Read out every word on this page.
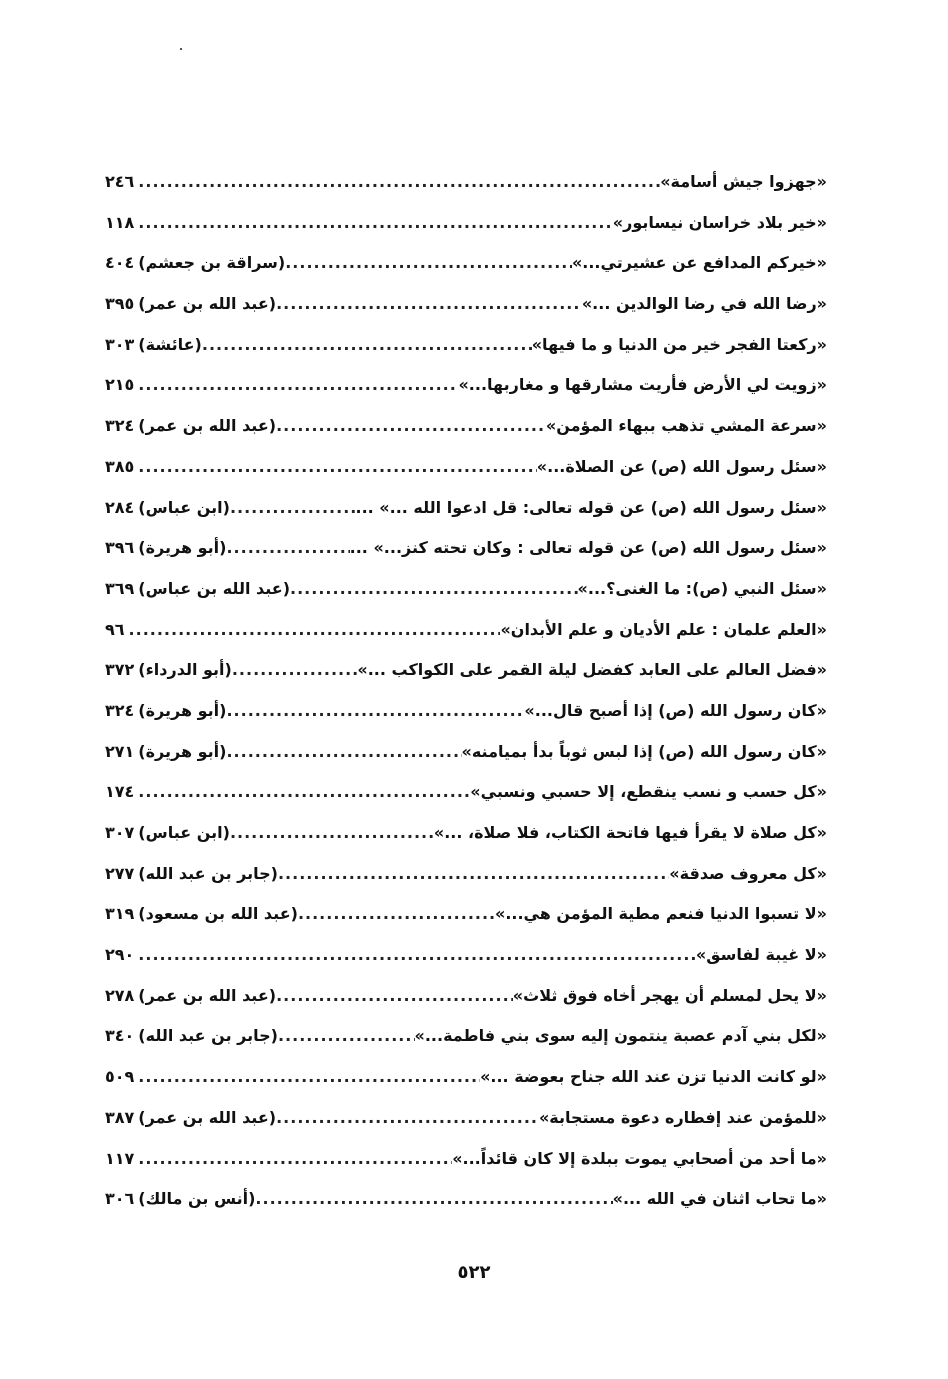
«جهزوا جيش أسامة»
.....
٢٤٦
«خير بلاد خراسان نيسابور»
.....
١١٨
«خيركم المدافع عن عشيرتي...»
.....
(سراقة بن جعشم)
٤٠٤
«رضا الله في رضا الوالدين ...»
.....
(عبد الله بن عمر)
٣٩٥
«ركعتا الفجر خير من الدنيا و ما فيها»
.....
(عائشة)
٣٠٣
«زويت لي الأرض فأريت مشارقها و مغاربها...»
.....
٢١٥
«سرعة المشي تذهب ببهاء المؤمن»
.....
(عبد الله بن عمر)
٣٢٤
«سئل رسول الله (ص) عن الصلاة...»
.....
٣٨٥
«سئل رسول الله (ص) عن قوله تعالى: قل ادعوا الله ...» ...
.....
(ابن عباس)
٢٨٤
«سئل رسول الله (ص) عن قوله تعالى : وكان تحته كنز...» ...
.....
(أبو هريرة)
٣٩٦
«سئل النبي (ص): ما الغنى؟...»
.....
(عبد الله بن عباس)
٣٦٩
«العلم علمان : علم الأديان و علم الأبدان»
.....
٩٦
«فضل العالم على العابد كفضل ليلة القمر على الكواكب ...»
.....
(أبو الدرداء)
٣٧٢
«كان رسول الله (ص) إذا أصبح قال...»
.....
(أبو هريرة)
٣٢٤
«كان رسول الله (ص) إذا لبس ثوباً بدأ بميامنه»
.....
(أبو هريرة)
٢٧١
«كل حسب و نسب ينقطع، إلا حسبي ونسبي»
.....
١٧٤
«كل صلاة لا يقرأ فيها فاتحة الكتاب، فلا صلاة، ...»
.....
(ابن عباس)
٣٠٧
«كل معروف صدقة»
.....
(جابر بن عبد الله)
٢٧٧
«لا تسبوا الدنيا فنعم مطية المؤمن هي...»
.....
(عبد الله بن مسعود)
٣١٩
«لا غيبة لفاسق»
.....
٢٩٠
«لا يحل لمسلم أن يهجر أخاه فوق ثلاث»
.....
(عبد الله بن عمر)
٢٧٨
«لكل بني آدم عصبة ينتمون إليه سوى بني فاطمة...»
.....
(جابر بن عبد الله)
٣٤٠
«لو كانت الدنيا تزن عند الله جناح بعوضة ...»
.....
٥٠٩
«للمؤمن عند إفطاره دعوة مستجابة»
.....
(عبد الله بن عمر)
٣٨٧
«ما أحد من أصحابي يموت ببلدة إلا كان قائداً...»
.....
١١٧
«ما تحاب اثنان في الله ...»
.....
(أنس بن مالك)
٣٠٦
٥٢٢
